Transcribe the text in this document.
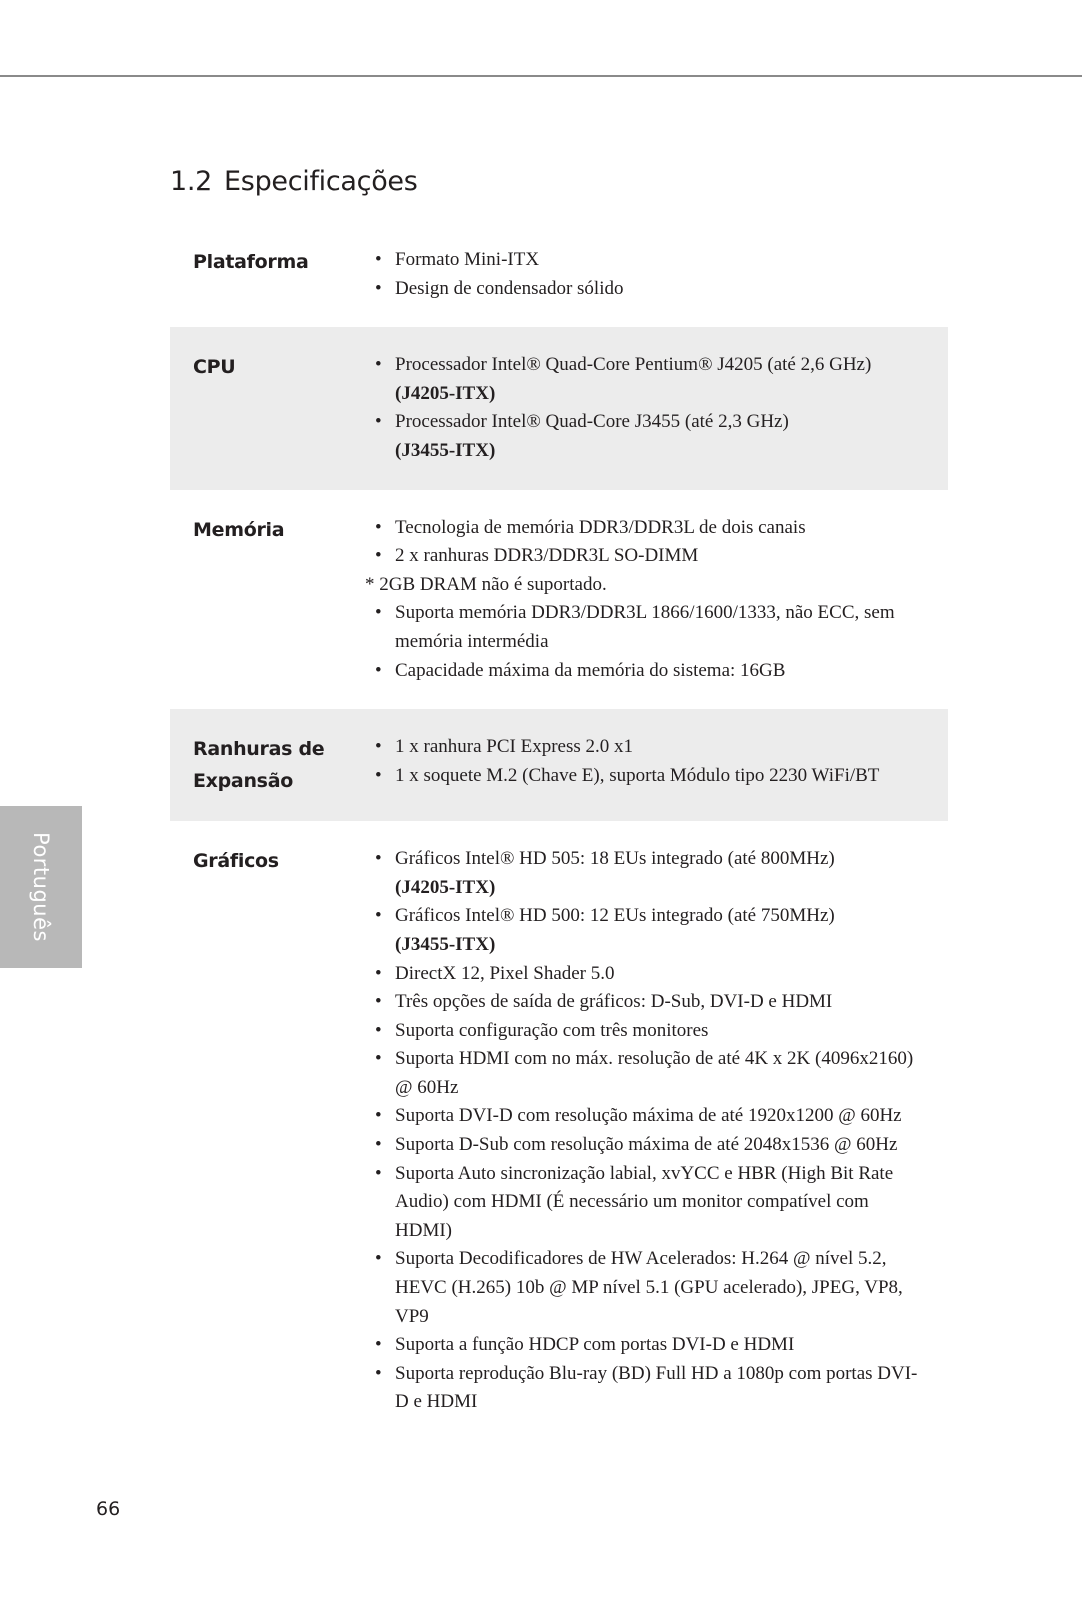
1.2 Especificações
Plataforma	• Formato Mini-ITX
• Design de condensador sólido
CPU	• Processador Intel® Quad-Core Pentium® J4205 (até 2,6 GHz)
(J4205-ITX)
• Processador Intel® Quad-Core J3455 (até 2,3 GHz)
(J3455-ITX)
Memória	• Tecnologia de memória DDR3/DDR3L de dois canais
• 2 x ranhuras DDR3/DDR3L SO-DIMM
* 2GB DRAM não é suportado.
• Suporta memória DDR3/DDR3L 1866/1600/1333, não ECC, sem memória intermédia
• Capacidade máxima da memória do sistema: 16GB
Ranhuras de Expansão
• 1 x ranhura PCI Express 2.0 x1
• 1 x soquete M.2 (Chave E), suporta Módulo tipo 2230 WiFi/BT
Gráficos	• Gráficos Intel® HD 505: 18 EUs integrado (até 800MHz)
(J4205-ITX)
• Gráficos Intel® HD 500: 12 EUs integrado (até 750MHz)
(J3455-ITX)
• DirectX 12, Pixel Shader 5.0
• Três opções de saída de gráficos: D-Sub, DVI-D e HDMI
• Suporta configuração com três monitores
• Suporta HDMI com no máx. resolução de até 4K x 2K (4096x2160) @ 60Hz
• Suporta DVI-D com resolução máxima de até 1920x1200 @ 60Hz
• Suporta D-Sub com resolução máxima de até 2048x1536 @ 60Hz
• Suporta Auto sincronização labial, xvYCC e HBR (High Bit Rate Audio) com HDMI (É necessário um monitor compatível com HDMI)
• Suporta Decodificadores de HW Acelerados: H.264 @ nível 5.2, HEVC (H.265) 10b @ MP nível 5.1 (GPU acelerado), JPEG, VP8, VP9
• Suporta a função HDCP com portas DVI-D e HDMI
• Suporta reprodução Blu-ray (BD) Full HD a 1080p com portas DVI-D e HDMI
Português
66
